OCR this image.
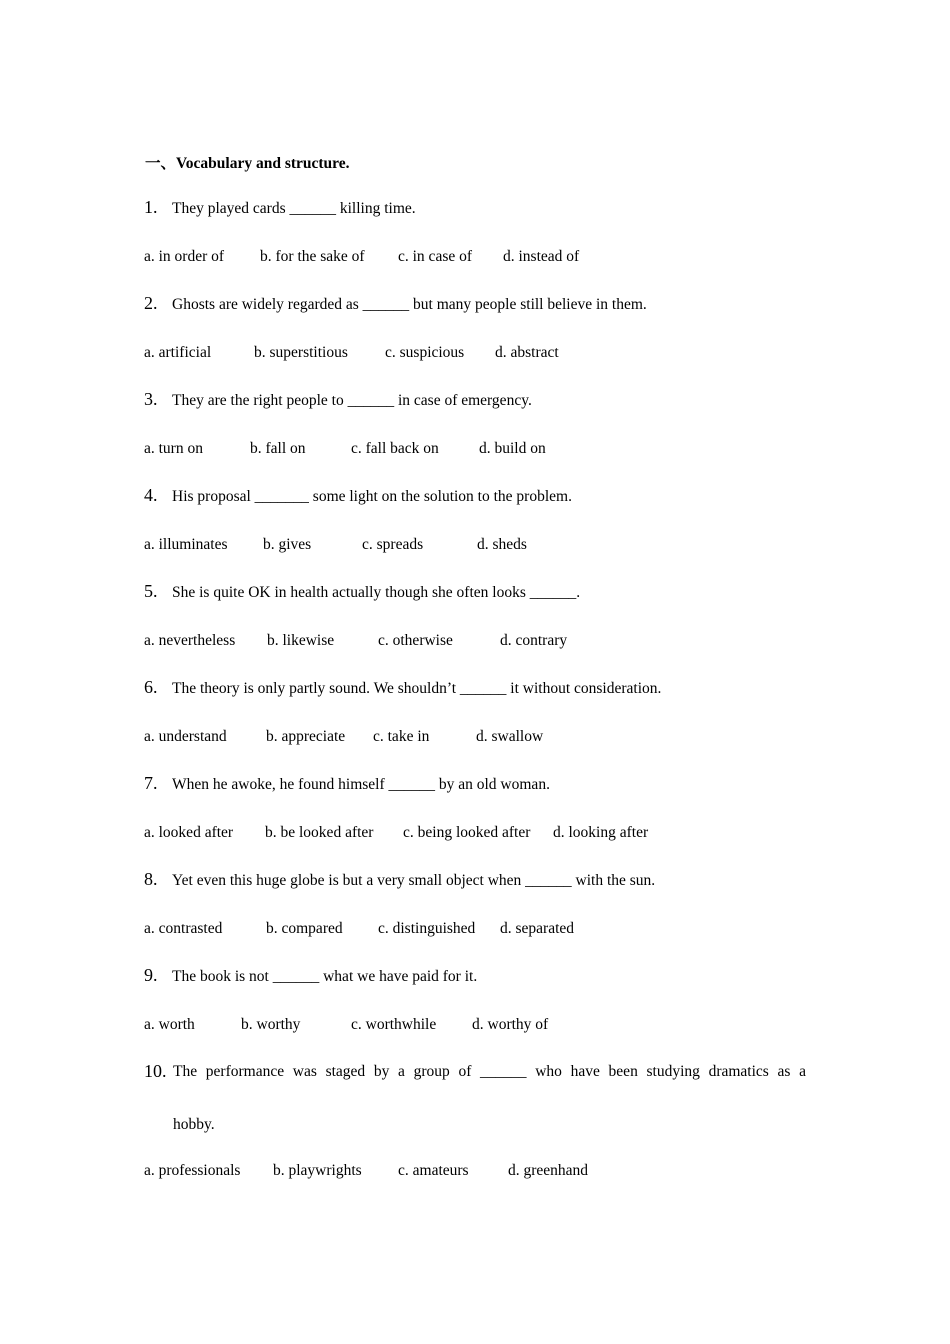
一、Vocabulary and structure.
1. They played cards ______ killing time.
a. in order of b. for the sake of c. in case of d. instead of
2. Ghosts are widely regarded as ______ but many people still believe in them.
a. artificial	b. superstitious c. suspicious d. abstract
3. They are the right people to ______ in case of emergency.
a. turn on	b. fall on	c. fall back on	d. build on
4. His proposal _______ some light on the solution to the problem.
a. illuminates b. gives	c. spreads	d. sheds
5. She is quite OK in health actually though she often looks ______.
a. nevertheless b. likewise	c. otherwise	d. contrary
6. The theory is only partly sound. We shouldn’t ______ it without consideration.
a. understand	b. appreciate c. take in	d. swallow
7. When he awoke, he found himself ______ by an old woman.
a. looked after b. be looked after c. being looked after d. looking after
8. Yet even this huge globe is but a very small object when ______ with the sun.
a. contrasted	b. compared c. distinguished d. separated
9. The book is not ______ what we have paid for it.
a. worth	b. worthy	c. worthwhile d. worthy of
10. The performance was staged by a group of ______ who have been studying dramatics as a
hobby.
a. professionals b. playwrights c. amateurs	d. greenhand
